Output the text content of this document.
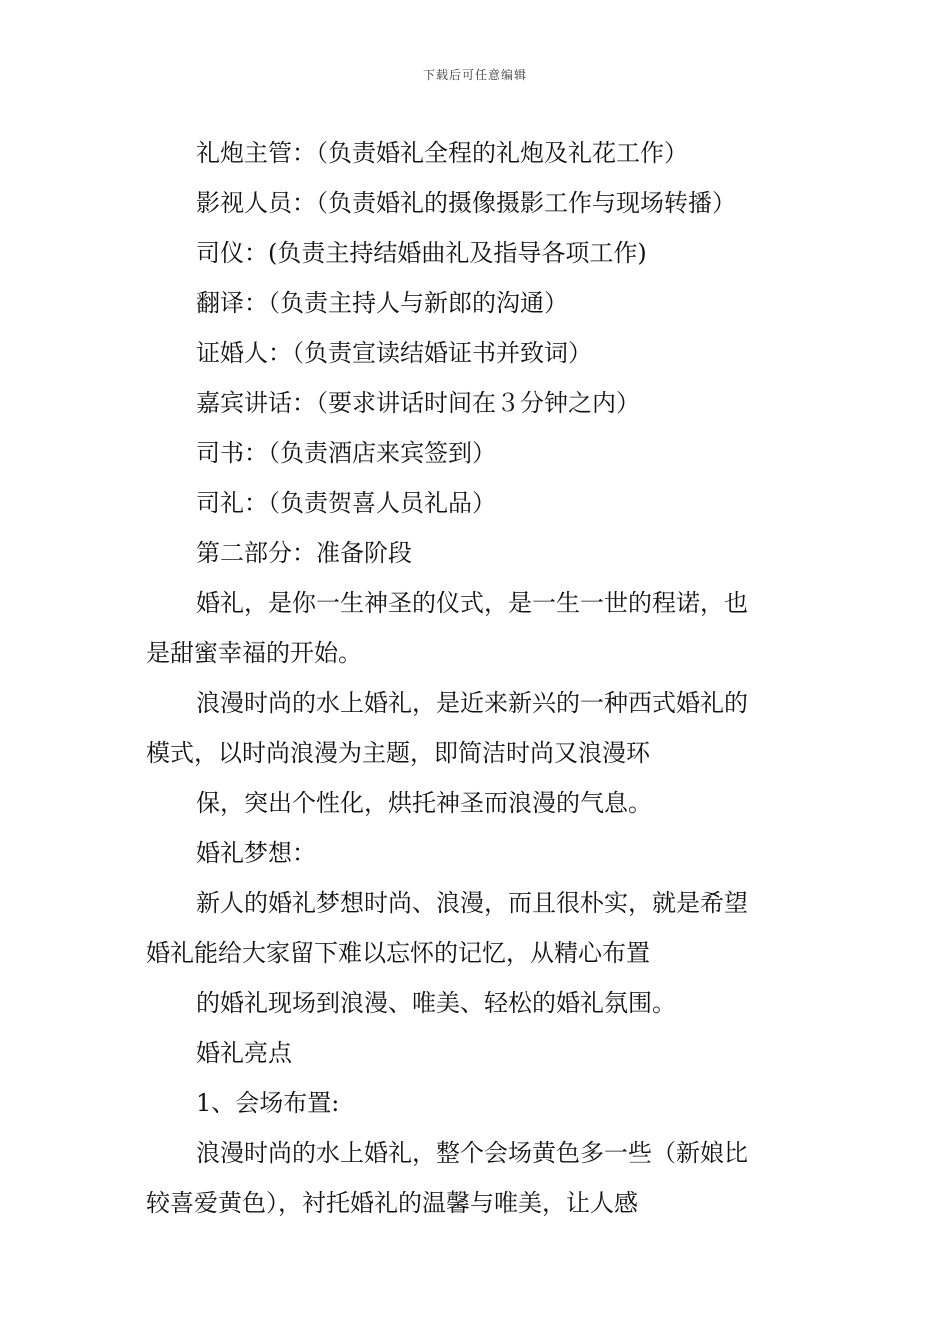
下载后可任意编辑
礼炮主管：（负责婚礼全程的礼炮及礼花工作）
影视人员：（负责婚礼的摄像摄影工作与现场转播）
司仪：(负责主持结婚曲礼及指导各项工作)
翻译：（负责主持人与新郎的沟通）
证婚人：（负责宣读结婚证书并致词）
嘉宾讲话：（要求讲话时间在３分钟之内）
司书：（负责酒店来宾签到）
司礼：（负责贺喜人员礼品）
第二部分：准备阶段
婚礼，是你一生神圣的仪式，是一生一世的程诺，也
是甜蜜幸福的开始。
浪漫时尚的水上婚礼，是近来新兴的一种西式婚礼的
模式，以时尚浪漫为主题，即简洁时尚又浪漫环
保，突出个性化，烘托神圣而浪漫的气息。
婚礼梦想：
新人的婚礼梦想时尚、浪漫，而且很朴实，就是希望
婚礼能给大家留下难以忘怀的记忆，从精心布置
的婚礼现场到浪漫、唯美、轻松的婚礼氛围。
婚礼亮点
1、会场布置:
浪漫时尚的水上婚礼，整个会场黄色多一些（新娘比
较喜爱黄色），衬托婚礼的温馨与唯美，让人感
